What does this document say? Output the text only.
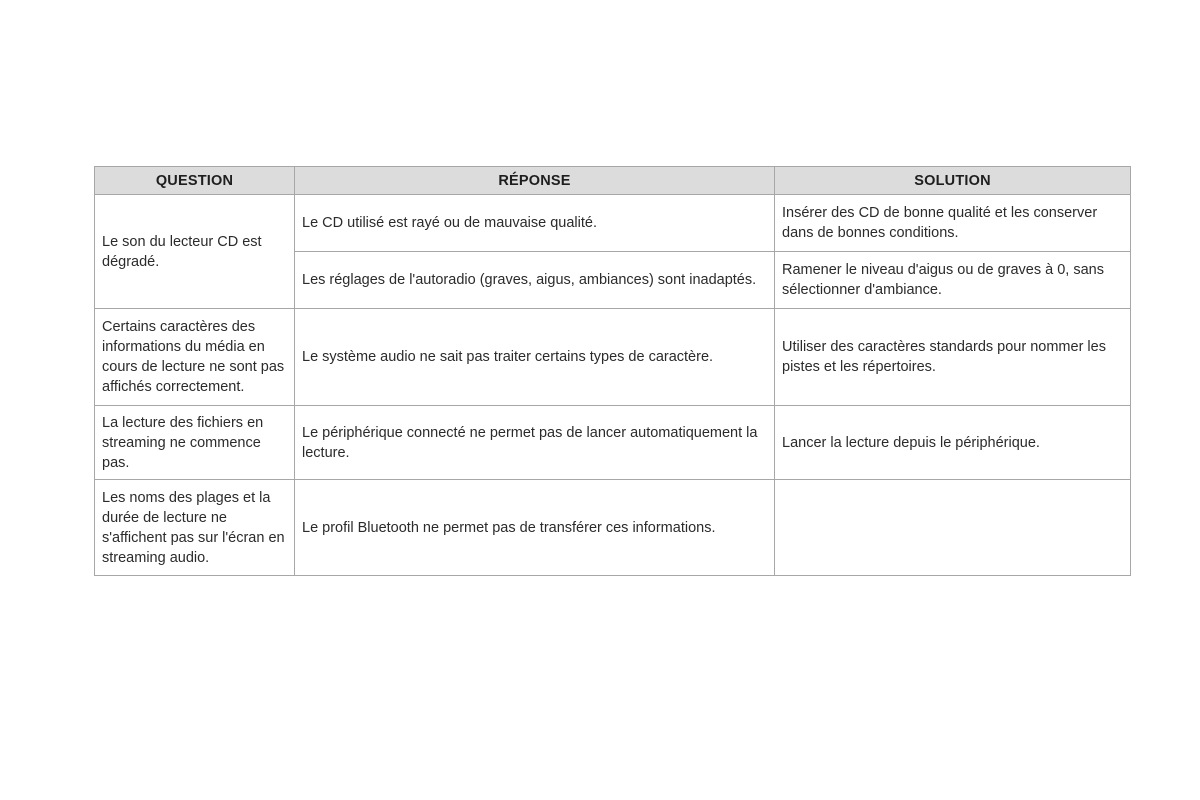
QUESTION	RÉPONSE	SOLUTION
Le son du lecteur CD est dégradé.	Le CD utilisé est rayé ou de mauvaise qualité.	Insérer des CD de bonne qualité et les conserver dans de bonnes conditions.
	Les réglages de l'autoradio (graves, aigus, ambiances) sont inadaptés.	Ramener le niveau d'aigus ou de graves à 0, sans sélectionner d'ambiance.
Certains caractères des informations du média en cours de lecture ne sont pas affichés correctement.	Le système audio ne sait pas traiter certains types de caractère.	Utiliser des caractères standards pour nommer les pistes et les répertoires.
La lecture des fichiers en streaming ne commence pas.	Le périphérique connecté ne permet pas de lancer automatiquement la lecture.	Lancer la lecture depuis le périphérique.
Les noms des plages et la durée de lecture ne s'affichent pas sur l'écran en streaming audio.	Le profil Bluetooth ne permet pas de transférer ces informations.	
